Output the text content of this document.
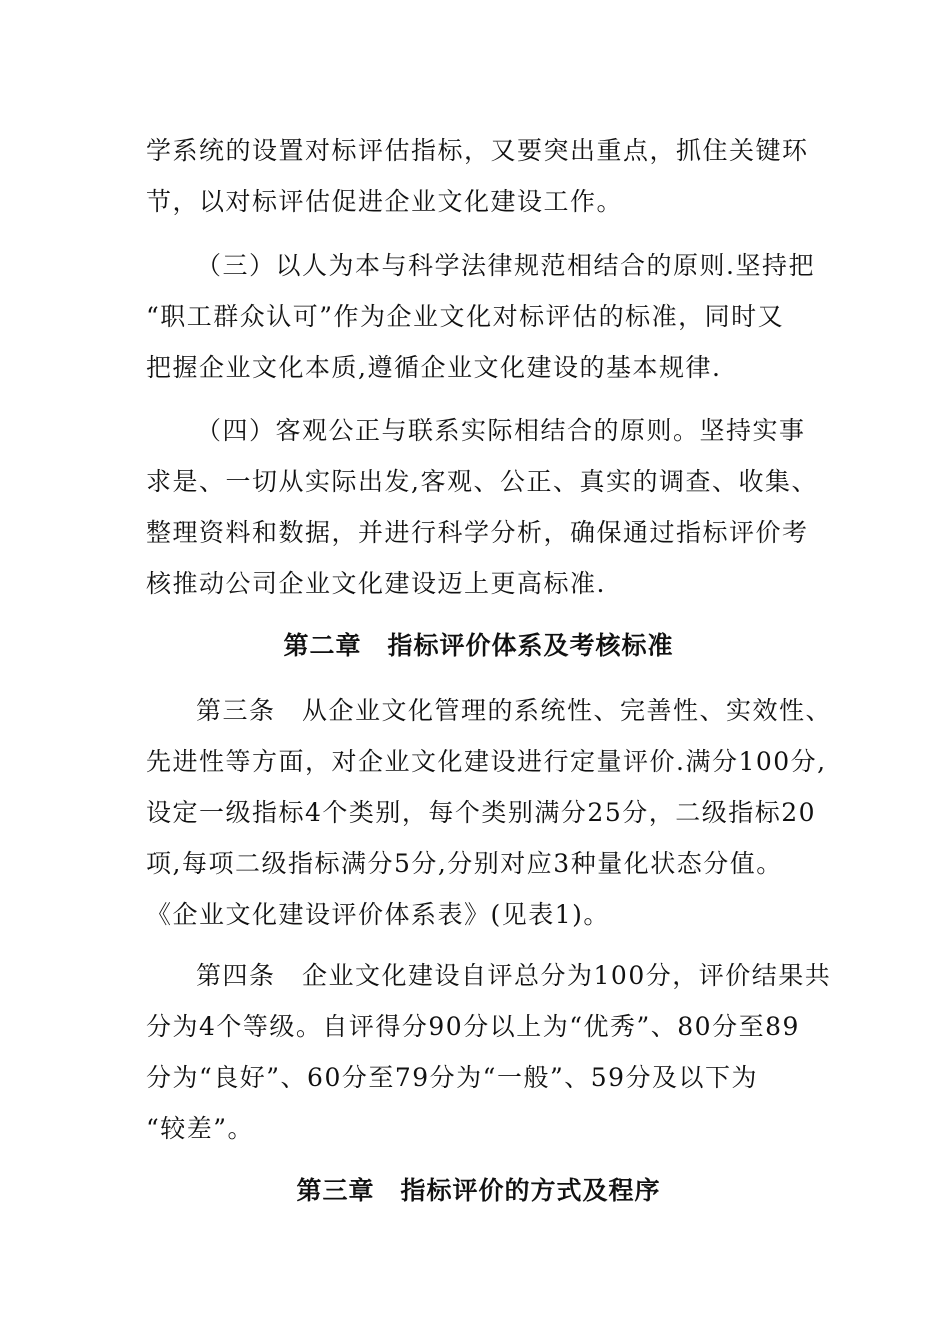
学系统的设置对标评估指标，又要突出重点，抓住关键环
节，以对标评估促进企业文化建设工作。
（三）以人为本与科学法律规范相结合的原则.坚持把
“职工群众认可”作为企业文化对标评估的标准，同时又
把握企业文化本质,遵循企业文化建设的基本规律.
（四）客观公正与联系实际相结合的原则。坚持实事
求是、一切从实际出发,客观、公正、真实的调查、收集、
整理资料和数据，并进行科学分析，确保通过指标评价考
核推动公司企业文化建设迈上更高标准.
第二章　指标评价体系及考核标准
第三条　从企业文化管理的系统性、完善性、实效性、
先进性等方面，对企业文化建设进行定量评价.满分100分,
设定一级指标4个类别，每个类别满分25分，二级指标20
项,每项二级指标满分5分,分别对应3种量化状态分值。
《企业文化建设评价体系表》(见表1)。
第四条　企业文化建设自评总分为100分，评价结果共
分为4个等级。自评得分90分以上为“优秀”、80分至89
分为“良好”、60分至79分为“一般”、59分及以下为
“较差”。
第三章　指标评价的方式及程序
